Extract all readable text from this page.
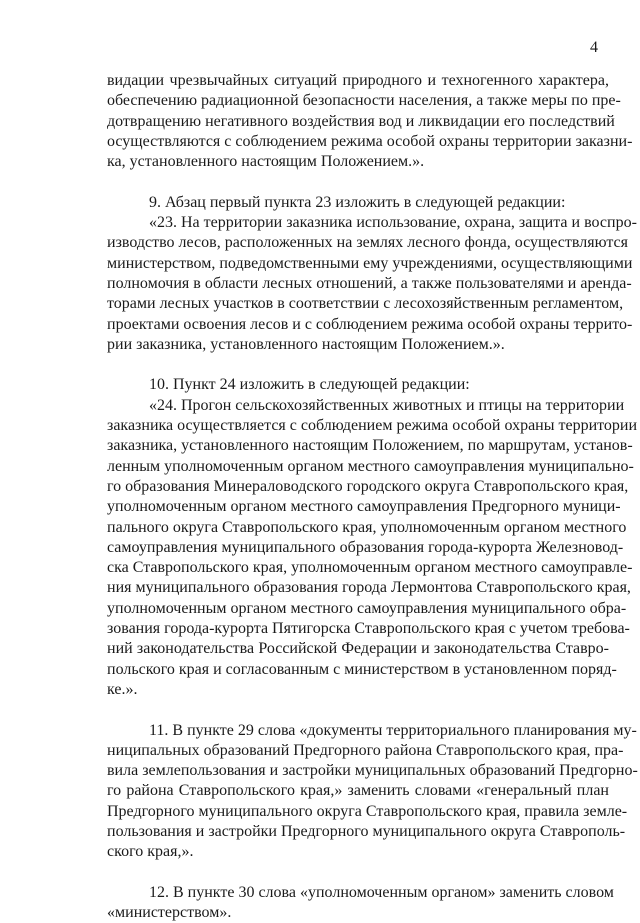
4
видации чрезвычайных ситуаций природного и техногенного характера,
обеспечению радиационной безопасности населения, а также меры по пре-
дотвращению негативного воздействия вод и ликвидации его последствий
осуществляются с соблюдением режима особой охраны территории заказни-
ка, установленного настоящим Положением.».
9. Абзац первый пункта 23 изложить в следующей редакции:
«23. На территории заказника использование, охрана, защита и воспро-
изводство лесов, расположенных на землях лесного фонда, осуществляются
министерством, подведомственными ему учреждениями, осуществляющими
полномочия в области лесных отношений, а также пользователями и аренда-
торами лесных участков в соответствии с лесохозяйственным регламентом,
проектами освоения лесов и с соблюдением режима особой охраны террито-
рии заказника, установленного настоящим Положением.».
10. Пункт 24 изложить в следующей редакции:
«24. Прогон сельскохозяйственных животных и птицы на территории
заказника осуществляется с соблюдением режима особой охраны территории
заказника, установленного настоящим Положением, по маршрутам, установ-
ленным уполномоченным органом местного самоуправления муниципально-
го образования Минераловодского городского округа Ставропольского края,
уполномоченным органом местного самоуправления Предгорного муници-
пального округа Ставропольского края, уполномоченным органом местного
самоуправления муниципального образования города-курорта Железновод-
ска Ставропольского края, уполномоченным органом местного самоуправле-
ния муниципального образования города Лермонтова Ставропольского края,
уполномоченным органом местного самоуправления муниципального обра-
зования города-курорта Пятигорска Ставропольского края с учетом требова-
ний законодательства Российской Федерации и законодательства Ставро-
польского края и согласованным с министерством в установленном поряд-
ке.».
11. В пункте 29 слова «документы территориального планирования му-
ниципальных образований Предгорного района Ставропольского края, пра-
вила землепользования и застройки муниципальных образований Предгорно-
го района Ставропольского края,» заменить словами «генеральный план
Предгорного муниципального округа Ставропольского края, правила земле-
пользования и застройки Предгорного муниципального округа Ставрополь-
ского края,».
12. В пункте 30 слова «уполномоченным органом» заменить словом
«министерством».
